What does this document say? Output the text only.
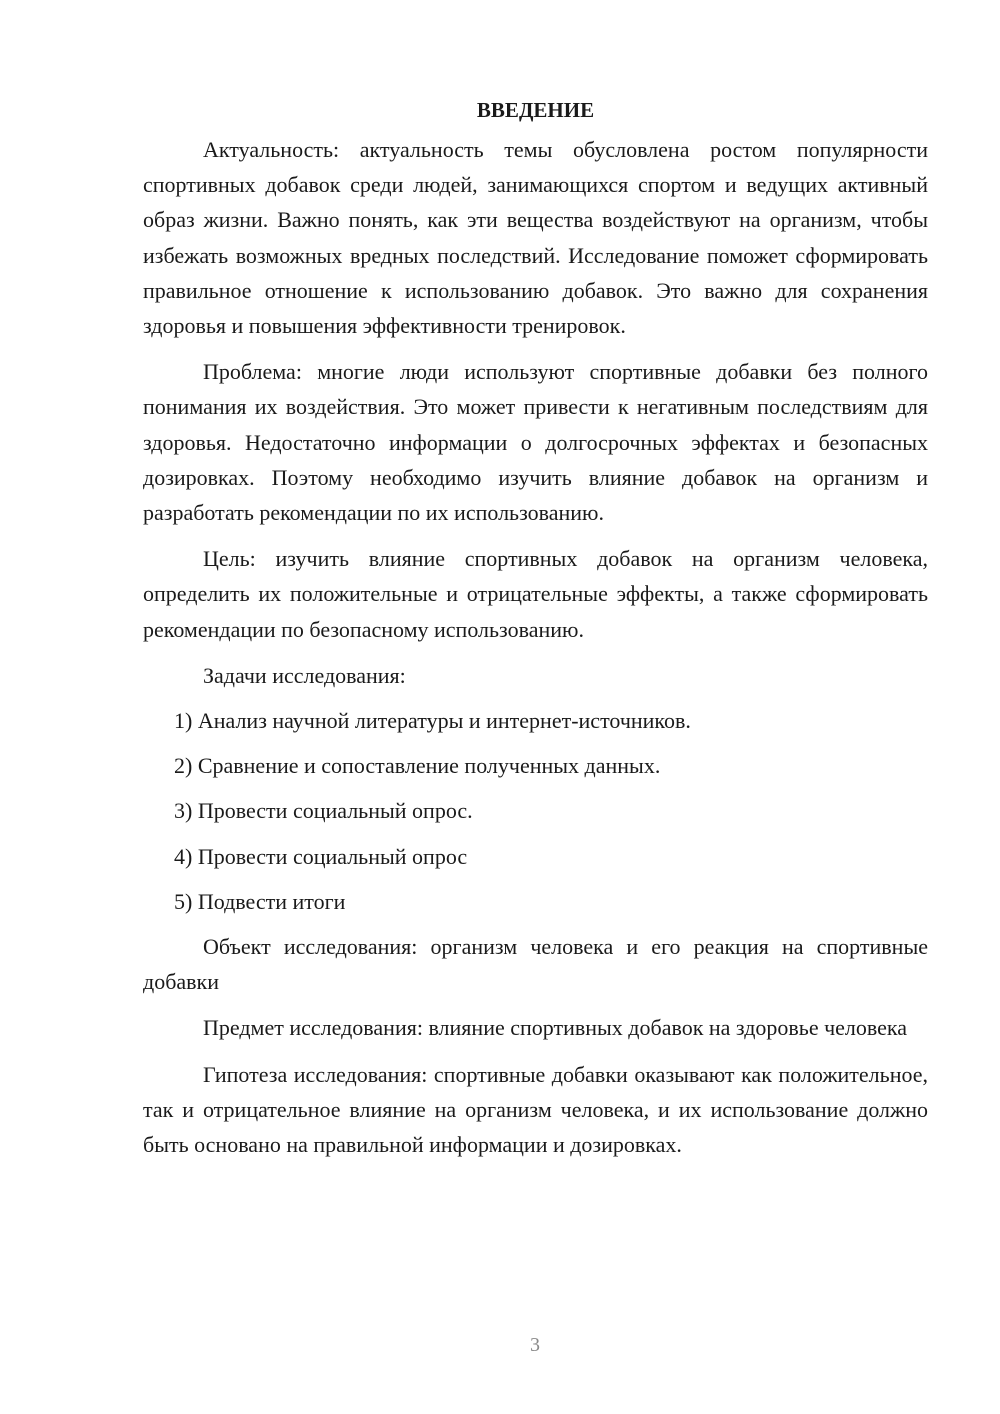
ВВЕДЕНИЕ

Актуальность: актуальность темы обусловлена ростом популярности спортивных добавок среди людей, занимающихся спортом и ведущих активный образ жизни. Важно понять, как эти вещества воздействуют на организм, чтобы избежать возможных вредных последствий. Исследование поможет сформировать правильное отношение к использованию добавок. Это важно для сохранения здоровья и повышения эффективности тренировок.

Проблема: многие люди используют спортивные добавки без полного понимания их воздействия. Это может привести к негативным последствиям для здоровья. Недостаточно информации о долгосрочных эффектах и безопасных дозировках. Поэтому необходимо изучить влияние добавок на организм и разработать рекомендации по их использованию.

Цель: изучить влияние спортивных добавок на организм человека, определить их положительные и отрицательные эффекты, а также сформировать рекомендации по безопасному использованию.

Задачи исследования:

1) Анализ научной литературы и интернет-источников.

2) Сравнение и сопоставление полученных данных.

3) Провести социальный опрос.

4) Провести социальный опрос

5) Подвести итоги

Объект исследования: организм человека и его реакция на спортивные добавки

Предмет исследования: влияние спортивных добавок на здоровье человека

Гипотеза исследования: спортивные добавки оказывают как положительное, так и отрицательное влияние на организм человека, и их использование должно быть основано на правильной информации и дозировках.

3
